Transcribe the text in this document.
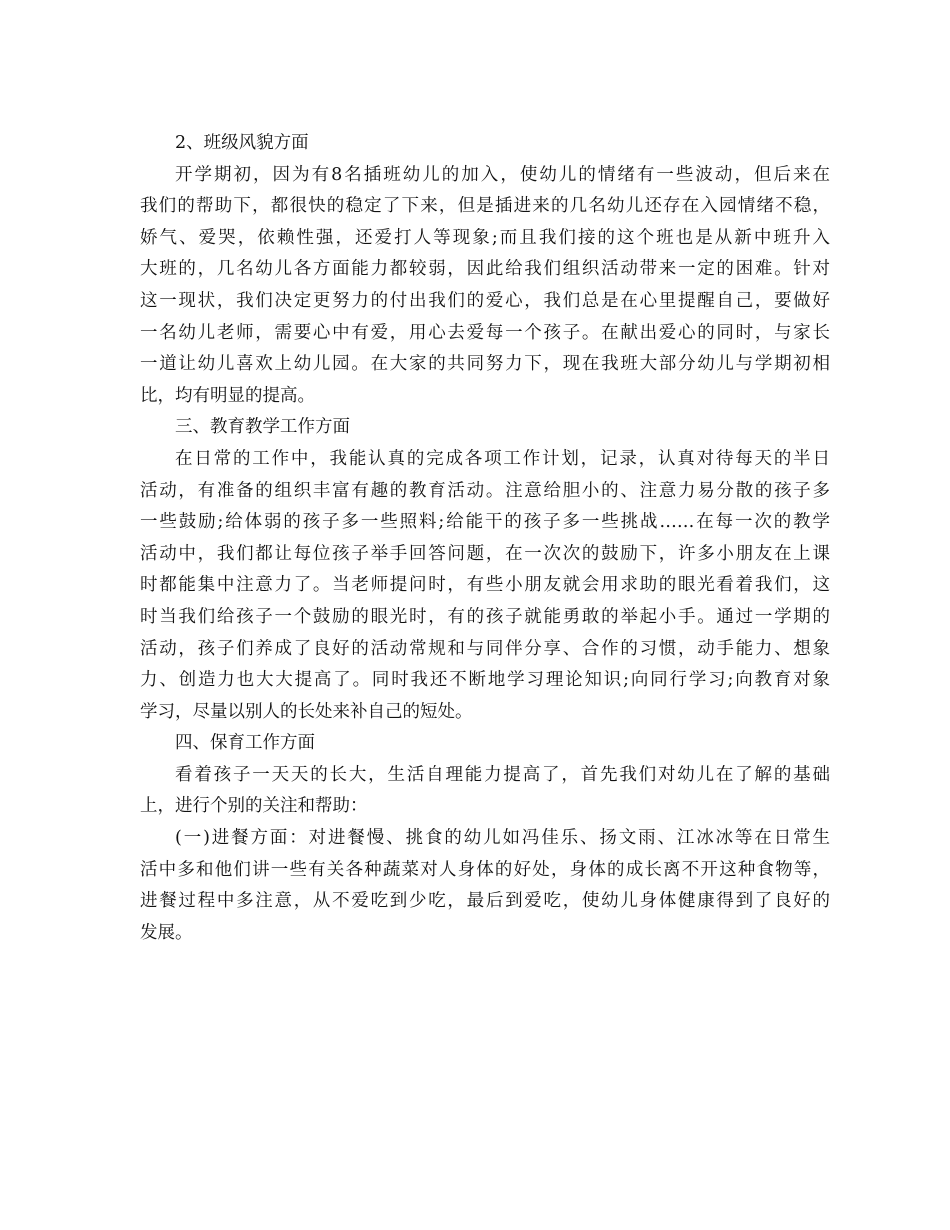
2、班级风貌方面
开学期初，因为有8名插班幼儿的加入，使幼儿的情绪有一些波动，但后来在
我们的帮助下，都很快的稳定了下来，但是插进来的几名幼儿还存在入园情绪不稳，
娇气、爱哭，依赖性强，还爱打人等现象;而且我们接的这个班也是从新中班升入
大班的，几名幼儿各方面能力都较弱，因此给我们组织活动带来一定的困难。针对
这一现状，我们决定更努力的付出我们的爱心，我们总是在心里提醒自己，要做好
一名幼儿老师，需要心中有爱，用心去爱每一个孩子。在献出爱心的同时，与家长
一道让幼儿喜欢上幼儿园。在大家的共同努力下，现在我班大部分幼儿与学期初相
比，均有明显的提高。
三、教育教学工作方面
在日常的工作中，我能认真的完成各项工作计划，记录，认真对待每天的半日
活动，有准备的组织丰富有趣的教育活动。注意给胆小的、注意力易分散的孩子多
一些鼓励;给体弱的孩子多一些照料;给能干的孩子多一些挑战……在每一次的教学
活动中，我们都让每位孩子举手回答问题，在一次次的鼓励下，许多小朋友在上课
时都能集中注意力了。当老师提问时，有些小朋友就会用求助的眼光看着我们，这
时当我们给孩子一个鼓励的眼光时，有的孩子就能勇敢的举起小手。通过一学期的
活动，孩子们养成了良好的活动常规和与同伴分享、合作的习惯，动手能力、想象
力、创造力也大大提高了。同时我还不断地学习理论知识;向同行学习;向教育对象
学习，尽量以别人的长处来补自己的短处。
四、保育工作方面
看着孩子一天天的长大，生活自理能力提高了，首先我们对幼儿在了解的基础
上，进行个别的关注和帮助：
(一)进餐方面：对进餐慢、挑食的幼儿如冯佳乐、扬文雨、江冰冰等在日常生
活中多和他们讲一些有关各种蔬菜对人身体的好处，身体的成长离不开这种食物等，
进餐过程中多注意，从不爱吃到少吃，最后到爱吃，使幼儿身体健康得到了良好的
发展。
